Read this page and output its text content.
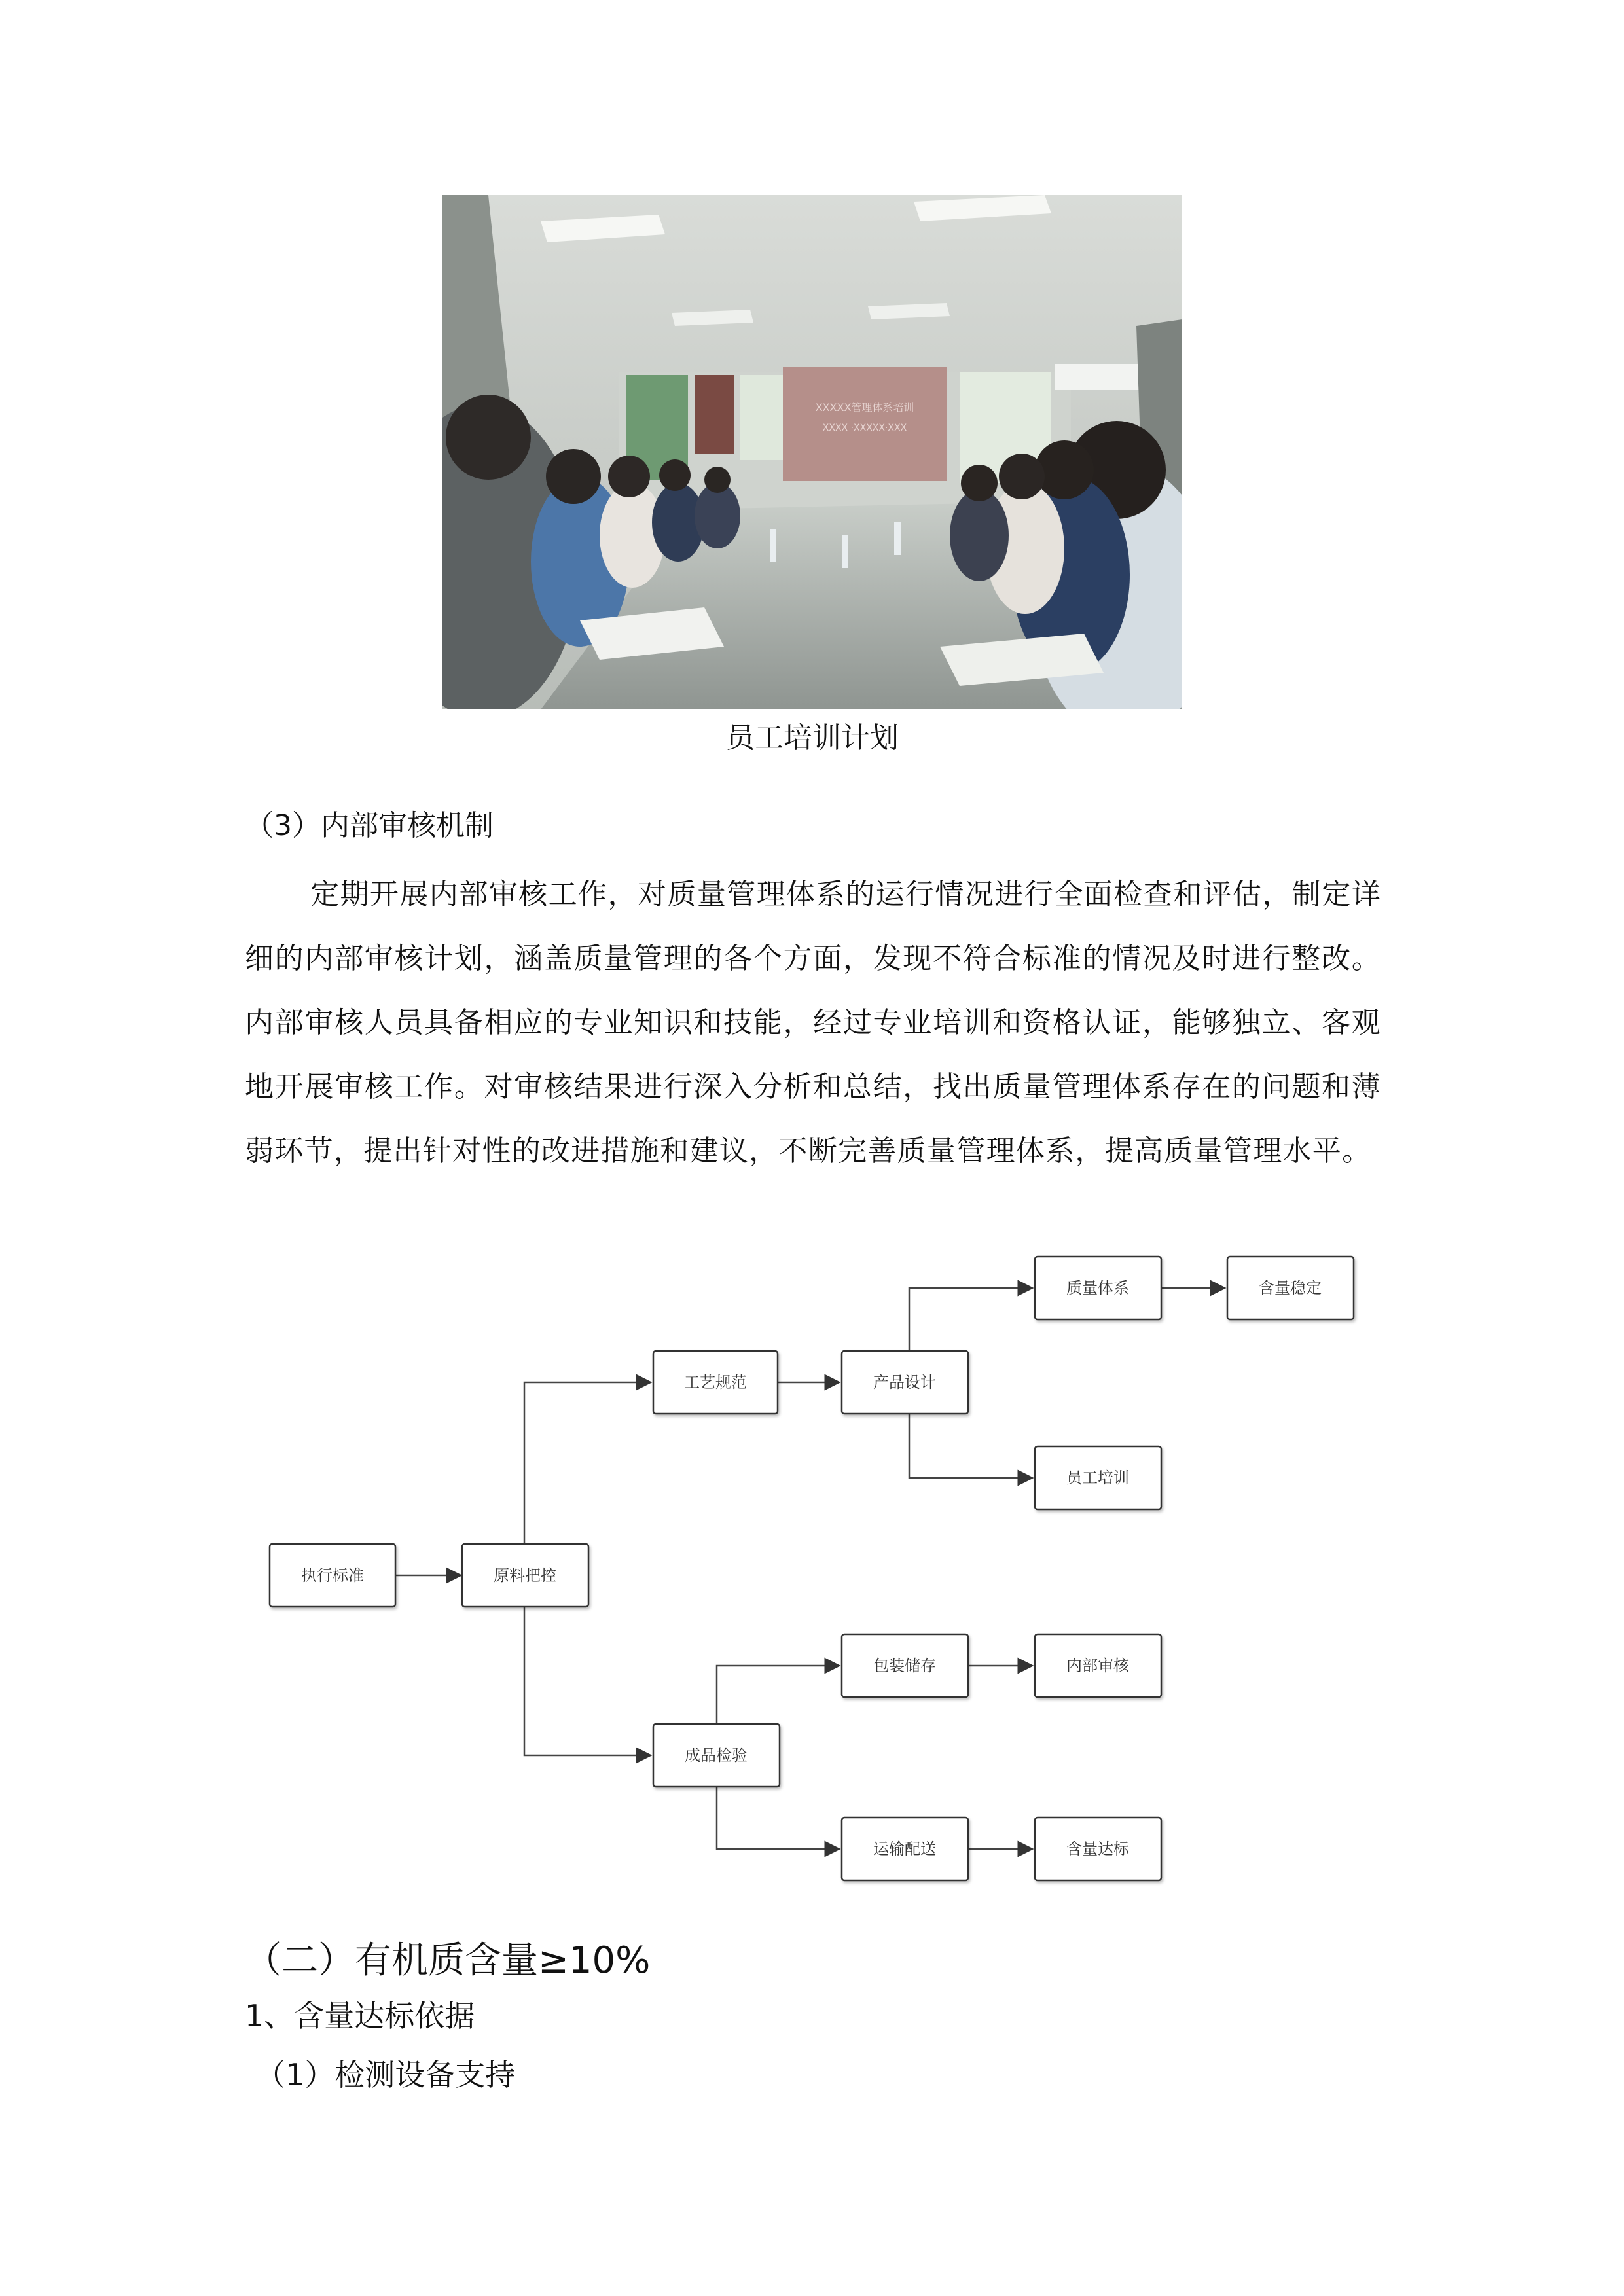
XXXXX管理体系培训
XXXX ·XXXXX·XXX
员工培训计划
（3）内部审核机制
定期开展内部审核工作，对质量管理体系的运行情况进行全面检查和评估，制定详细的内部审核计划，涵盖质量管理的各个方面，发现不符合标准的情况及时进行整改。内部审核人员具备相应的专业知识和技能，经过专业培训和资格认证，能够独立、客观地开展审核工作。对审核结果进行深入分析和总结，找出质量管理体系存在的问题和薄弱环节，提出针对性的改进措施和建议，不断完善质量管理体系，提高质量管理水平。
执行标准	原料把控
工艺规范	产品设计
质量体系	含量稳定
员工培训
成品检验
包装储存	内部审核
运输配送	含量达标
（二）有机质含量≥10%
1、含量达标依据
（1）检测设备支持
